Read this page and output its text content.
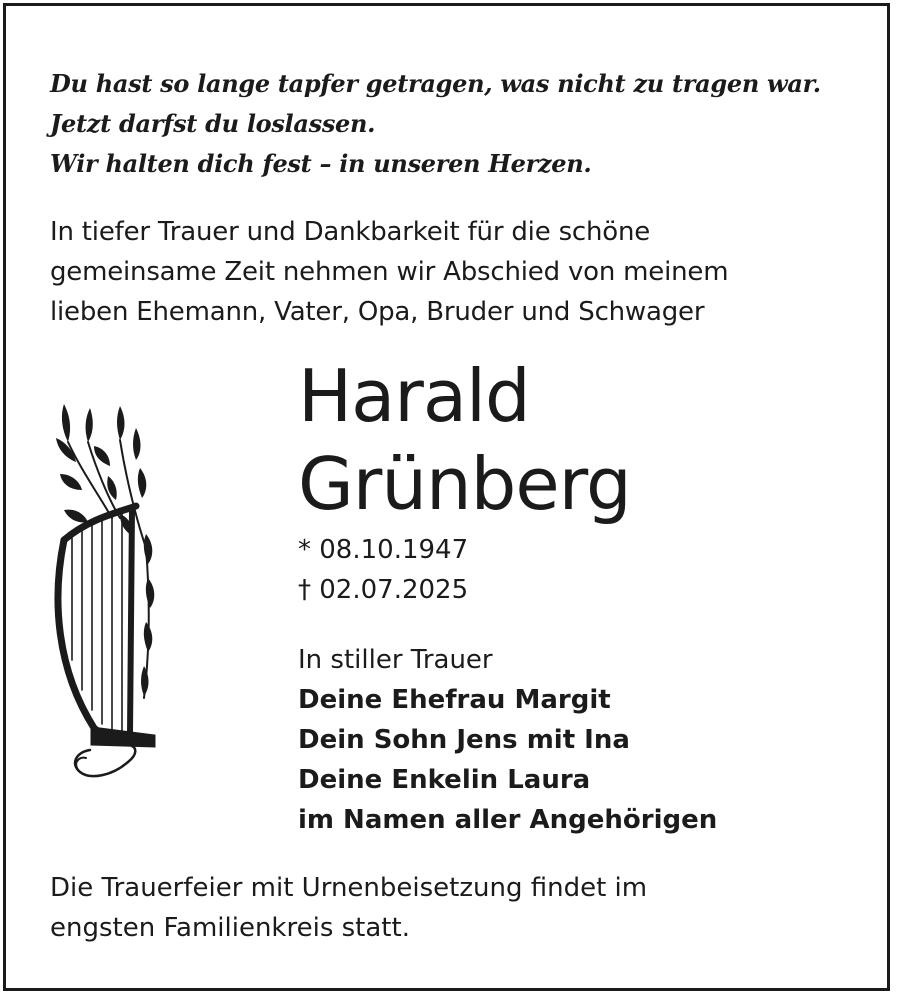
Du hast so lange tapfer getragen, was nicht zu tragen war.
Jetzt darfst du loslassen.
Wir halten dich fest – in unseren Herzen.
In tiefer Trauer und Dankbarkeit für die schöne
gemeinsame Zeit nehmen wir Abschied von meinem
lieben Ehemann, Vater, Opa, Bruder und Schwager
Harald
Grünberg
* 08.10.1947
† 02.07.2025
In stiller Trauer
Deine Ehefrau Margit
Dein Sohn Jens mit Ina
Deine Enkelin Laura
im Namen aller Angehörigen
Die Trauerfeier mit Urnenbeisetzung findet im
engsten Familienkreis statt.
